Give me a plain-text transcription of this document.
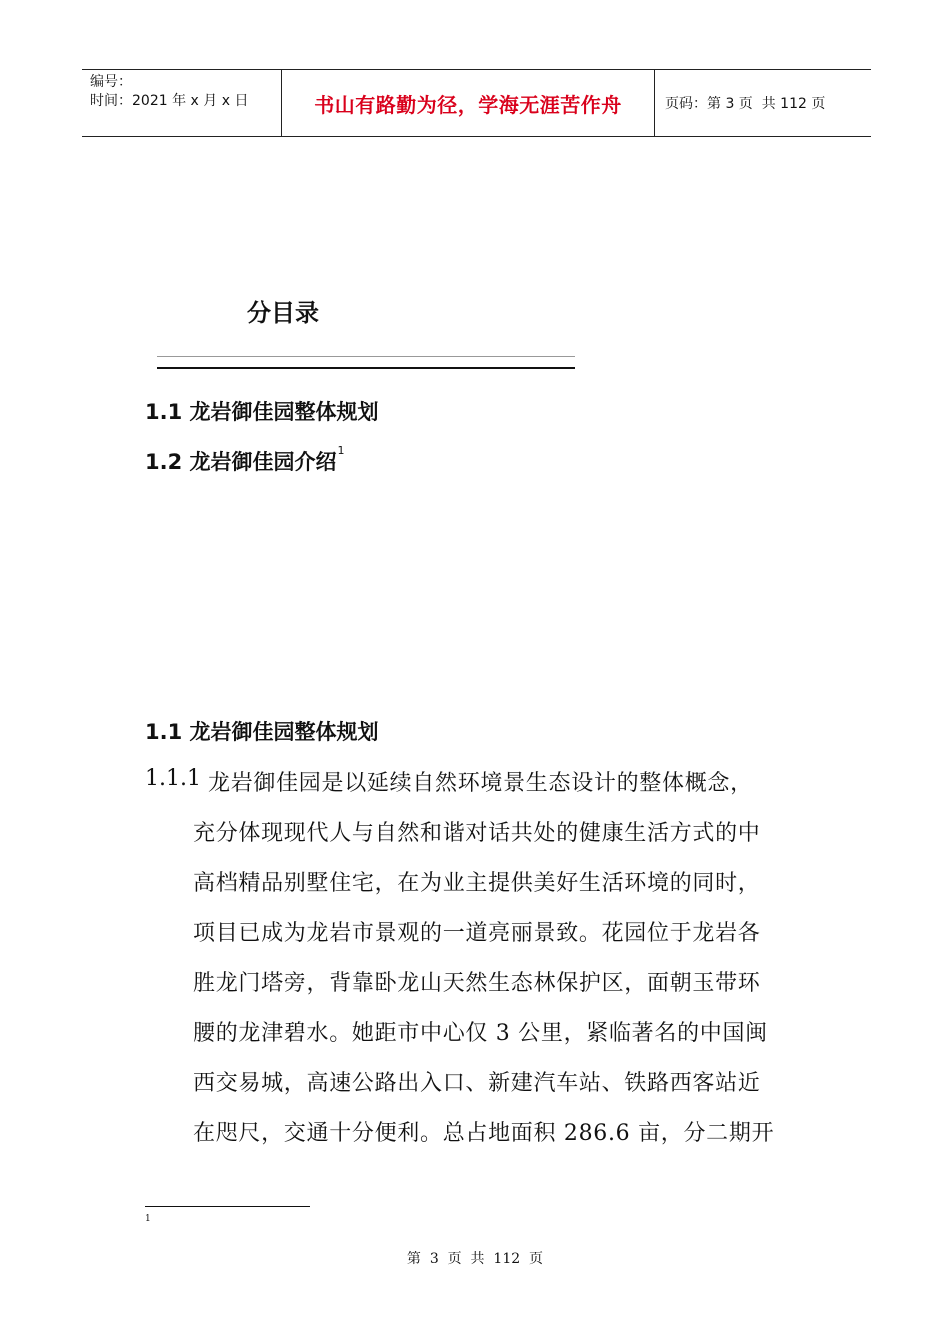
编号：
时间：2021 年 x 月 x 日	书山有路勤为径，学海无涯苦作舟	页码：第 3 页  共 112 页
分目录
1.1 龙岩御佳园整体规划
1.2 龙岩御佳园介绍$^1$
1.1 龙岩御佳园整体规划
1.1.1 龙岩御佳园是以延续自然环境景生态设计的整体概念，
充分体现现代人与自然和谐对话共处的健康生活方式的中
高档精品别墅住宅，在为业主提供美好生活环境的同时，
项目已成为龙岩市景观的一道亮丽景致。花园位于龙岩各
胜龙门塔旁，背靠卧龙山天然生态林保护区，面朝玉带环
腰的龙津碧水。她距市中心仅 3 公里，紧临著名的中国闽
西交易城，高速公路出入口、新建汽车站、铁路西客站近
在咫尺，交通十分便利。总占地面积 286.6 亩，分二期开
1
第  3  页  共  112  页
